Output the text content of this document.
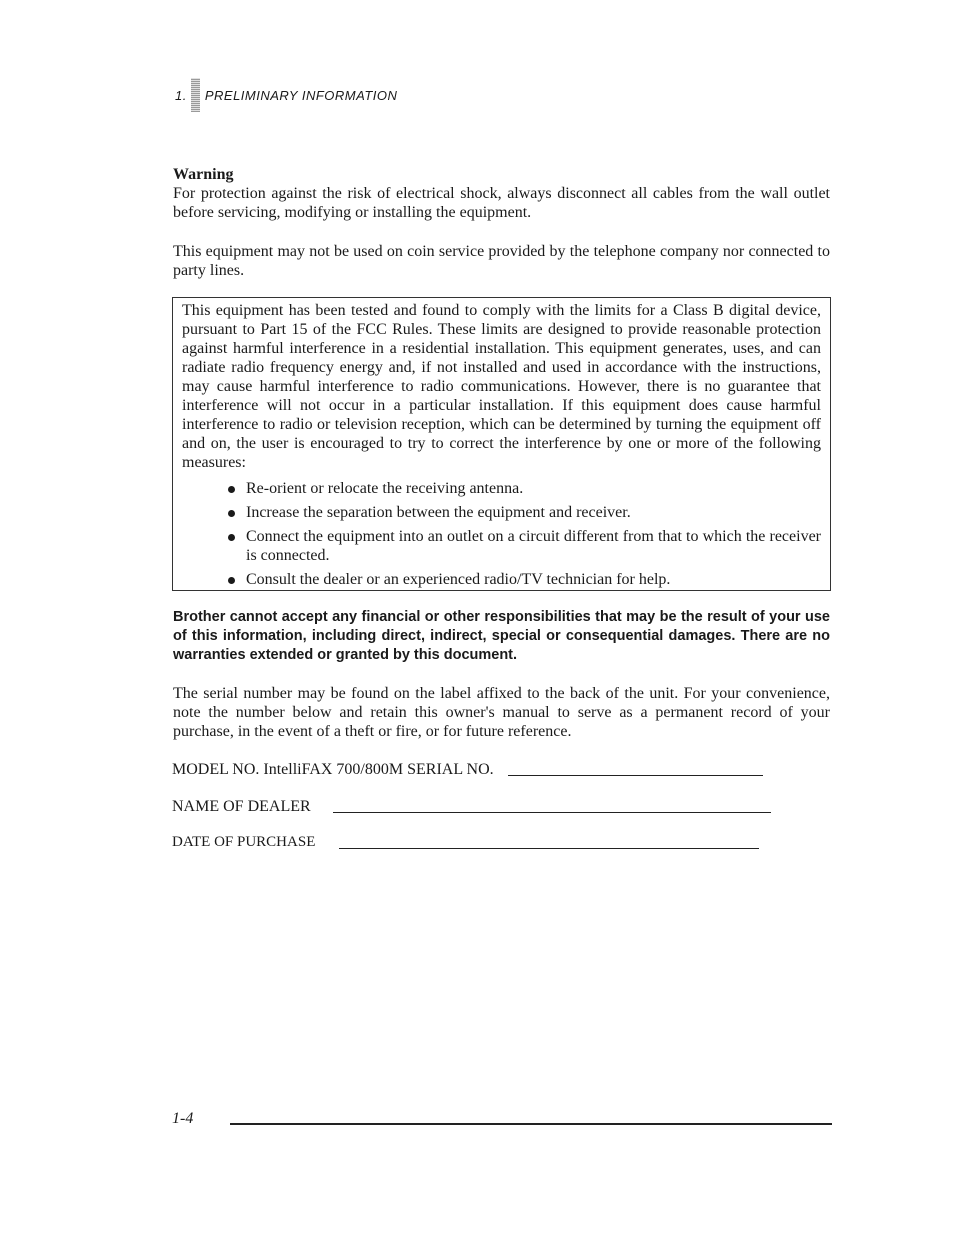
1. PRELIMINARY INFORMATION
Warning
For protection against the risk of electrical shock, always disconnect all cables from the wall outlet before servicing, modifying or installing the equipment.
This equipment may not be used on coin service provided by the telephone company nor connected to party lines.

This equipment has been tested and found to comply with the limits for a Class B digital device, pursuant to Part 15 of the FCC Rules. These limits are designed to provide reasonable protection against harmful interference in a residential installation. This equipment generates, uses, and can radiate radio frequency energy and, if not installed and used in accordance with the instructions, may cause harmful interference to radio communications. However, there is no guarantee that interference will not occur in a particular installation. If this equipment does cause harmful interference to radio or television reception, which can be determined by turning the equipment off and on, the user is encouraged to try to correct the interference by one or more of the following measures:

Re-orient or relocate the receiving antenna.
Increase the separation between the equipment and receiver.
Connect the equipment into an outlet on a circuit different from that to which the receiver is connected.
Consult the dealer or an experienced radio/TV technician for help.
Brother cannot accept any financial or other responsibilities that may be the result of your use of this information, including direct, indirect, special or consequential damages. There are no warranties extended or granted by this document.
The serial number may be found on the label affixed to the back of the unit. For your convenience, note the number below and retain this owner's manual to serve as a permanent record of your purchase, in the event of a theft or fire, or for future reference.
MODEL NO. IntelliFAX 700/800M SERIAL NO.
NAME OF DEALER
DATE OF PURCHASE
1-4
